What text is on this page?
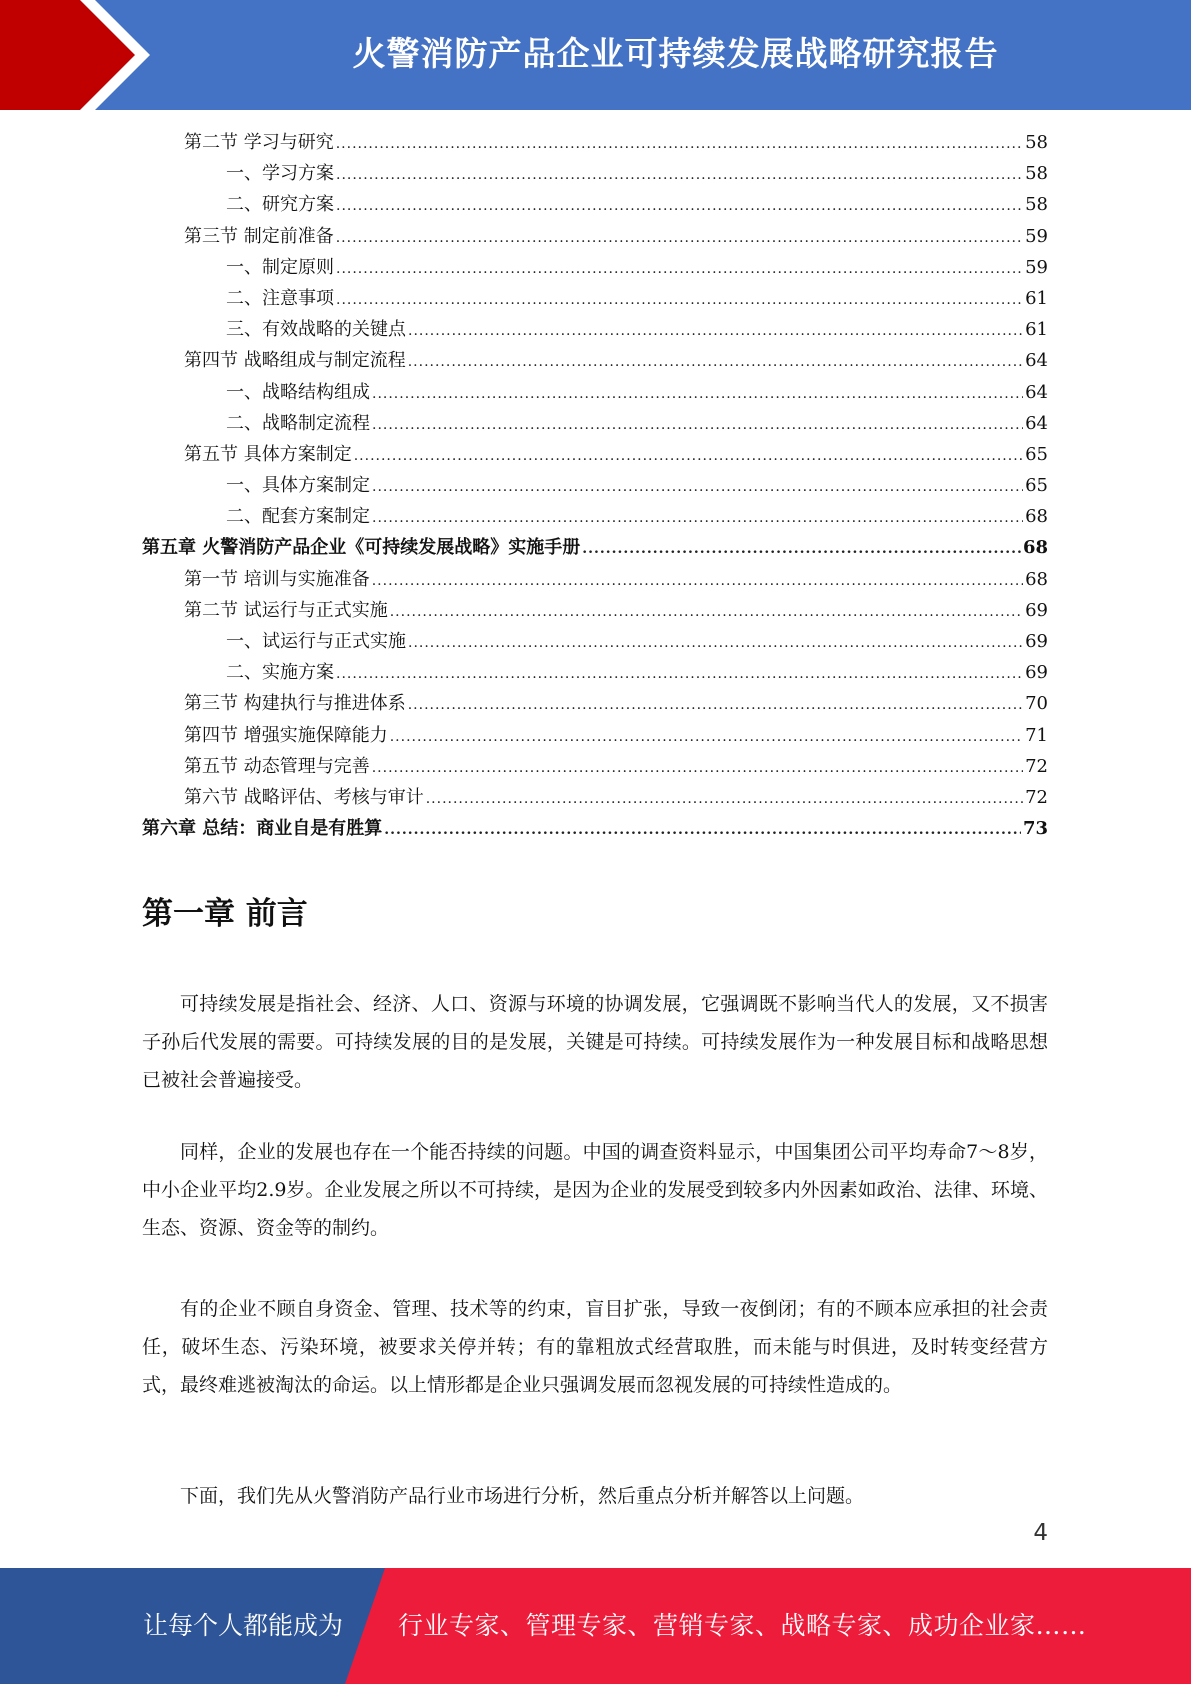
火警消防产品企业可持续发展战略研究报告
第二节 学习与研究 .....	58
一、学习方案 .....	58
二、研究方案 .....	58
第三节 制定前准备 .....	59
一、制定原则 .....	59
二、注意事项 .....	61
三、有效战略的关键点 .....	61
第四节 战略组成与制定流程 .....	64
一、战略结构组成 .....	64
二、战略制定流程 .....	64
第五节 具体方案制定 .....	65
一、具体方案制定 .....	65
二、配套方案制定 .....	68
第五章 火警消防产品企业《可持续发展战略》实施手册 .....	68
第一节 培训与实施准备 .....	68
第二节 试运行与正式实施 .....	69
一、试运行与正式实施 .....	69
二、实施方案 .....	69
第三节 构建执行与推进体系 .....	70
第四节 增强实施保障能力 .....	71
第五节 动态管理与完善 .....	72
第六节 战略评估、考核与审计 .....	72
第六章 总结：商业自是有胜算 .....	73
第一章 前言

可持续发展是指社会、经济、人口、资源与环境的协调发展，它强调既不影响当代人的发展，又不损害子孙后代发展的需要。可持续发展的目的是发展，关键是可持续。可持续发展作为一种发展目标和战略思想已被社会普遍接受。

同样，企业的发展也存在一个能否持续的问题。中国的调查资料显示，中国集团公司平均寿命7～8岁，中小企业平均2.9岁。企业发展之所以不可持续，是因为企业的发展受到较多内外因素如政治、法律、环境、生态、资源、资金等的制约。

有的企业不顾自身资金、管理、技术等的约束，盲目扩张，导致一夜倒闭；有的不顾本应承担的社会责任，破坏生态、污染环境，被要求关停并转；有的靠粗放式经营取胜，而未能与时俱进，及时转变经营方式，最终难逃被淘汰的命运。以上情形都是企业只强调发展而忽视发展的可持续性造成的。

下面，我们先从火警消防产品行业市场进行分析，然后重点分析并解答以上问题。

4
让每个人都能成为 行业专家、管理专家、营销专家、战略专家、成功企业家……
